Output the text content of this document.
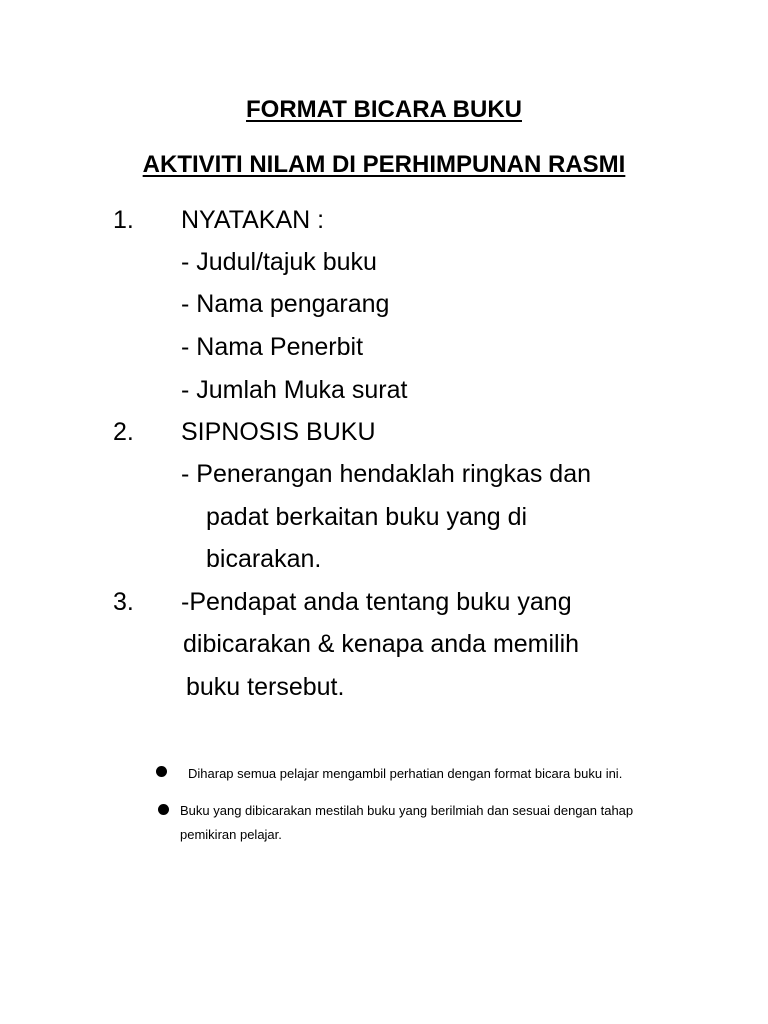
FORMAT BICARA BUKU
AKTIVITI NILAM DI PERHIMPUNAN RASMI
1. NYATAKAN :
- Judul/tajuk buku
- Nama pengarang
- Nama Penerbit
- Jumlah Muka surat
2. SIPNOSIS BUKU
- Penerangan hendaklah ringkas dan
padat berkaitan buku yang di
bicarakan.
3. -Pendapat anda tentang buku yang
dibicarakan & kenapa anda memilih
buku tersebut.
Diharap semua pelajar mengambil perhatian dengan format bicara buku ini.
Buku yang dibicarakan mestilah buku yang berilmiah dan sesuai dengan tahap
pemikiran pelajar.
